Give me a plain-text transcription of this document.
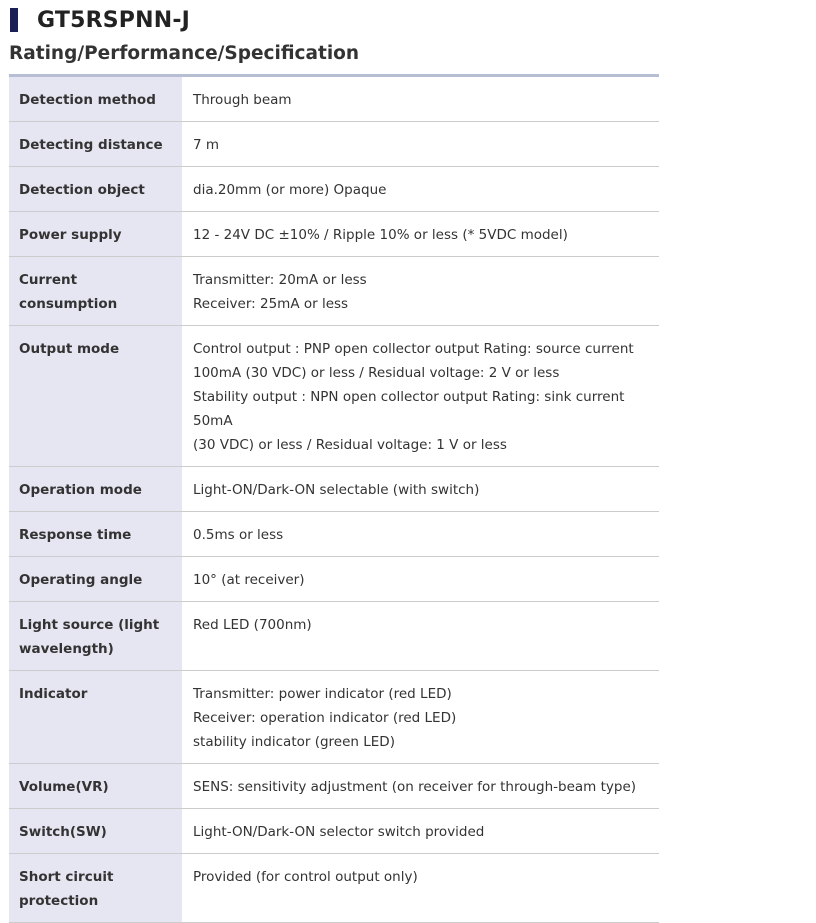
GT5RSPNN-J
Rating/Performance/Specification
Detection method	Through beam

Detecting distance	7 m

Detection object	dia.20mm (or more) Opaque

Power supply	12 - 24V DC ±10% / Ripple 10% or less (* 5VDC model)

Current consumption	Transmitter: 20mA or less
Receiver: 25mA or less

Output mode	Control output : PNP open collector output Rating: source current
100mA (30 VDC) or less / Residual voltage: 2 V or less
Stability output : NPN open collector output Rating: sink current 50mA
(30 VDC) or less / Residual voltage: 1 V or less

Operation mode	Light-ON/Dark-ON selectable (with switch)

Response time	0.5ms or less

Operating angle	10° (at receiver)

Light source (light wavelength)	Red LED (700nm)

Indicator	Transmitter: power indicator (red LED)
Receiver: operation indicator (red LED)
stability indicator (green LED)

Volume(VR)	SENS: sensitivity adjustment (on receiver for through-beam type)

Switch(SW)	Light-ON/Dark-ON selector switch provided

Short circuit protection	Provided (for control output only)
